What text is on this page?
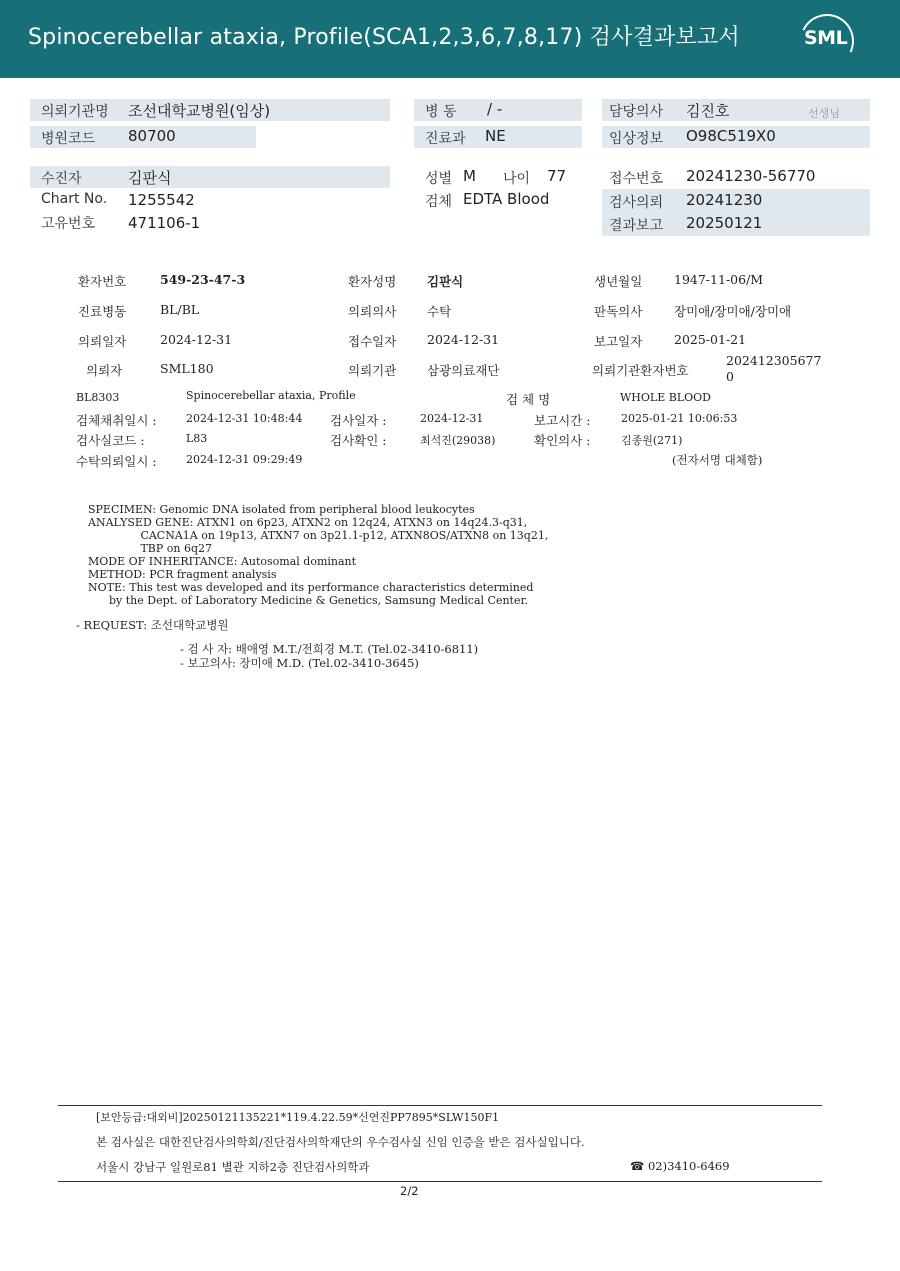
Spinocerebellar ataxia, Profile(SCA1,2,3,6,7,8,17) 검사결과보고서	SML
의뢰기관명 조선대학교병원(임상)
병원코드 80700
병 동 / -
진료과 NE
담당의사 김진호	선생님
임상정보 O98C519X0
수진자	김판식
Chart No. 1255542
고유번호 471106-1
성별 M 나이 77
검체 EDTA Blood
접수번호 20241230-56770
검사의뢰 20241230
결과보고 20250121
환자번호	549-23-47-3	환자성명 김판식	생년월일	1947-11-06/M
진료병동	BL/BL	의뢰의사 수탁	판독의사	장미애/장미애/장미애
의뢰일자	2024-12-31	접수일자 2024-12-31	보고일자	2025-01-21
의뢰자	SML180	의뢰기관 삼광의료재단	의뢰기관환자번호
202412305677
0
BL8303	Spinocerebellar ataxia, Profile	검 체 명	WHOLE BLOOD
검체채취일시 :	2024-12-31 10:48:44 검사일자 :	2024-12-31	보고시간 :	2025-01-21 10:06:53
검사실코드 :	L83	검사확인 :	최석진(29038)	확인의사 :	김종원(271)
수탁의뢰일시 :	2024-12-31 09:29:49	(전자서명 대체함)
SPECIMEN: Genomic DNA isolated from peripheral blood leukocytes
ANALYSED GENE: ATXN1 on 6p23, ATXN2 on 12q24, ATXN3 on 14q24.3-q31,
CACNA1A on 19p13, ATXN7 on 3p21.1-p12, ATXN8OS/ATXN8 on 13q21,
TBP on 6q27
MODE OF INHERITANCE: Autosomal dominant
METHOD: PCR fragment analysis
NOTE: This test was developed and its performance characteristics determined
by the Dept. of Laboratory Medicine & Genetics, Samsung Medical Center.
- REQUEST: 조선대학교병원
- 검 사 자: 배애영 M.T./전희경 M.T. (Tel.02-3410-6811)
- 보고의사: 장미애 M.D. (Tel.02-3410-3645)
[보안등급:대외비]20250121135221*119.4.22.59*신연진PP7895*SLW150F1
본 검사실은 대한진단검사의학회/진단검사의학재단의 우수검사실 신임 인증을 받은 검사실입니다.
서울시 강남구 일원로81 별관 지하2층 진단검사의학과	☎ 02)3410-6469
2/2
